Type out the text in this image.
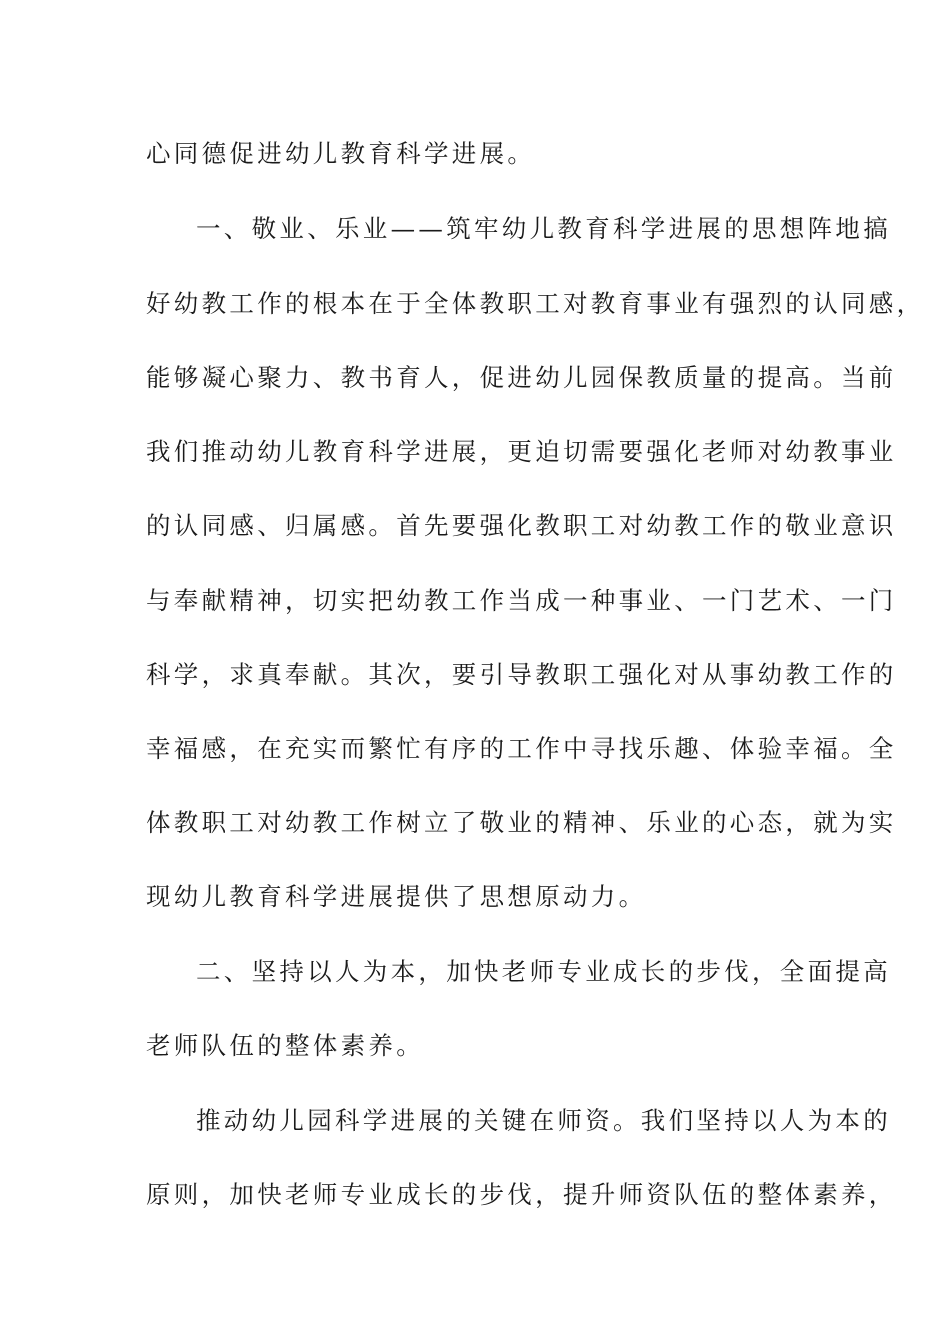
心同德促进幼儿教育科学进展。
一、敬业、乐业——筑牢幼儿教育科学进展的思想阵地搞
好幼教工作的根本在于全体教职工对教育事业有强烈的认同感，
能够凝心聚力、教书育人，促进幼儿园保教质量的提高。当前
我们推动幼儿教育科学进展，更迫切需要强化老师对幼教事业
的认同感、归属感。首先要强化教职工对幼教工作的敬业意识
与奉献精神，切实把幼教工作当成一种事业、一门艺术、一门
科学，求真奉献。其次，要引导教职工强化对从事幼教工作的
幸福感，在充实而繁忙有序的工作中寻找乐趣、体验幸福。全
体教职工对幼教工作树立了敬业的精神、乐业的心态，就为实
现幼儿教育科学进展提供了思想原动力。
二、坚持以人为本，加快老师专业成长的步伐，全面提高
老师队伍的整体素养。
推动幼儿园科学进展的关键在师资。我们坚持以人为本的
原则，加快老师专业成长的步伐，提升师资队伍的整体素养，
